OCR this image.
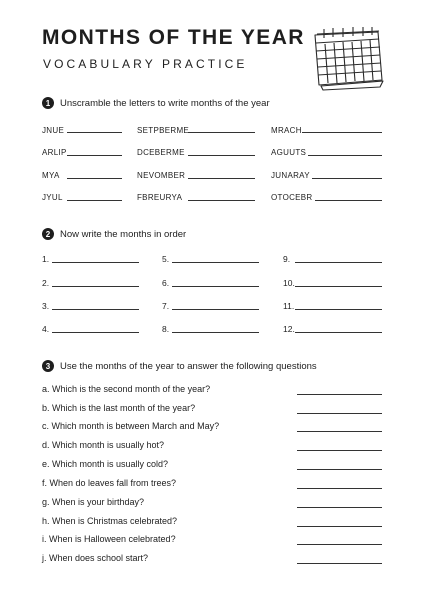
MONTHS OF THE YEAR
VOCABULARY PRACTICE
1	Unscramble the letters to write months of the year
JNUE	SETPBERME	MRACH
ARLIP	DCEBERME	AGUUTS
MYA	NEVOMBER	JUNARAY
JYUL	FBREURYA	OTOCEBR
2	Now write the months in order
1.	5.	9.
2.	6.	10.
3.	7.	11.
4.	8.	12.
3	Use the months of the year to answer the following questions
a. Which is the second month of the year?
b. Which is the last month of the year?
c. Which month is between March and May?
d. Which month is usually hot?
e. Which month is usually cold?
f. When do leaves fall from trees?
g. When is your birthday?
h. When is Christmas celebrated?
i. When is Halloween celebrated?
j. When does school start?
